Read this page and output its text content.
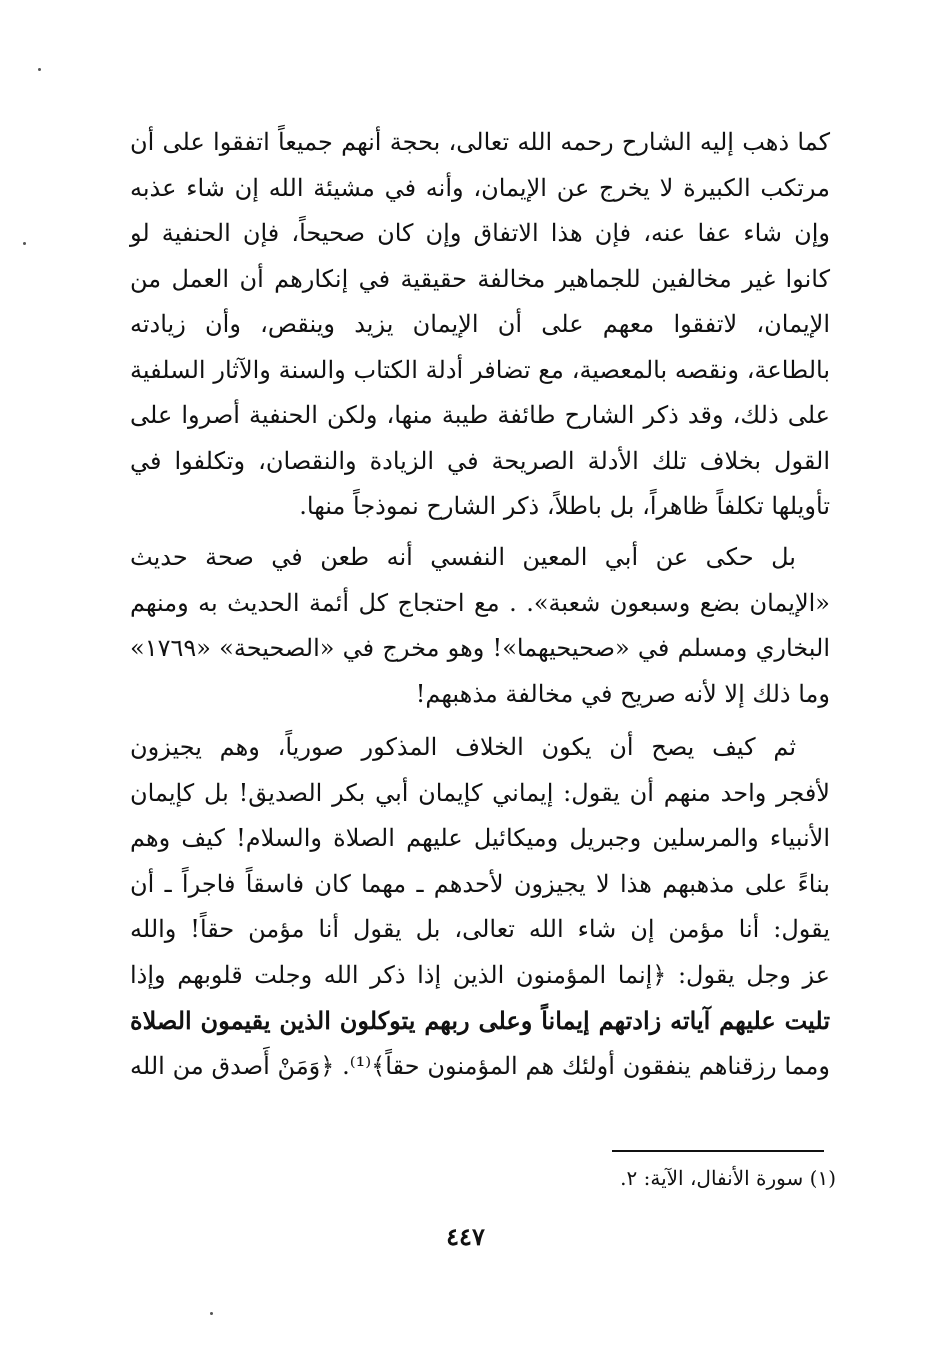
كما ذهب إليه الشارح رحمه الله تعالى، بحجة أنهم جميعاً اتفقوا على أن
مرتكب الكبيرة لا يخرج عن الإيمان، وأنه في مشيئة الله إن شاء عذبه
وإن شاء عفا عنه، فإن هذا الاتفاق وإن كان صحيحاً، فإن الحنفية لو
كانوا غير مخالفين للجماهير مخالفة حقيقية في إنكارهم أن العمل من
الإيمان، لاتفقوا معهم على أن الإيمان يزيد وينقص، وأن زيادته
بالطاعة، ونقصه بالمعصية، مع تضافر أدلة الكتاب والسنة والآثار السلفية
على ذلك، وقد ذكر الشارح طائفة طيبة منها، ولكن الحنفية أصروا على
القول بخلاف تلك الأدلة الصريحة في الزيادة والنقصان، وتكلفوا في
تأويلها تكلفاً ظاهراً، بل باطلاً، ذكر الشارح نموذجاً منها.

بل حكى عن أبي المعين النفسي أنه طعن في صحة حديث
«الإيمان بضع وسبعون شعبة». . مع احتجاج كل أئمة الحديث به ومنهم
البخاري ومسلم في «صحيحيهما»! وهو مخرج في «الصحيحة» «١٧٦٩»
وما ذلك إلا لأنه صريح في مخالفة مذهبهم!

ثم كيف يصح أن يكون الخلاف المذكور صورياً، وهم يجيزون
لأفجر واحد منهم أن يقول: إيماني كإيمان أبي بكر الصديق! بل كإيمان
الأنبياء والمرسلين وجبريل وميكائيل عليهم الصلاة والسلام! كيف وهم
بناءً على مذهبهم هذا لا يجيزون لأحدهم ـ مهما كان فاسقاً فاجراً ـ أن
يقول: أنا مؤمن إن شاء الله تعالى، بل يقول أنا مؤمن حقاً! والله
عز وجل يقول: ﴿إنما المؤمنون الذين إذا ذكر الله وجلت قلوبهم وإذا
تليت عليهم آياته زادتهم إيماناً وعلى ربهم يتوكلون الذين يقيمون الصلاة
ومما رزقناهم ينفقون أولئك هم المؤمنون حقاً﴾⁽¹⁾. ﴿وَمَنْ أَصدق من الله

(١) سورة الأنفال، الآية: ٢.

٤٤٧
